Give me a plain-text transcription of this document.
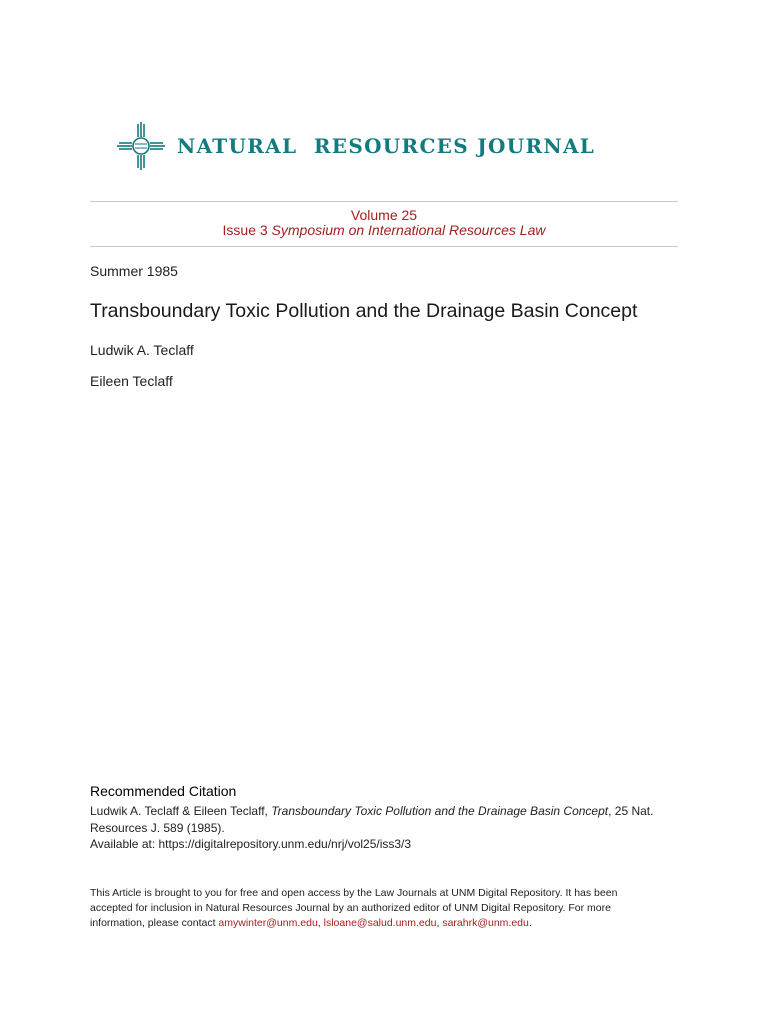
NATURAL  RESOURCES JOURNAL
Volume 25
Issue 3 Symposium on International Resources Law
Summer 1985
Transboundary Toxic Pollution and the Drainage Basin Concept
Ludwik A. Teclaff
Eileen Teclaff
Recommended Citation
Ludwik A. Teclaff & Eileen Teclaff, Transboundary Toxic Pollution and the Drainage Basin Concept, 25 Nat.
Resources J. 589 (1985).
Available at: https://digitalrepository.unm.edu/nrj/vol25/iss3/3
This Article is brought to you for free and open access by the Law Journals at UNM Digital Repository. It has been
accepted for inclusion in Natural Resources Journal by an authorized editor of UNM Digital Repository. For more
information, please contact amywinter@unm.edu, lsloane@salud.unm.edu, sarahrk@unm.edu.
